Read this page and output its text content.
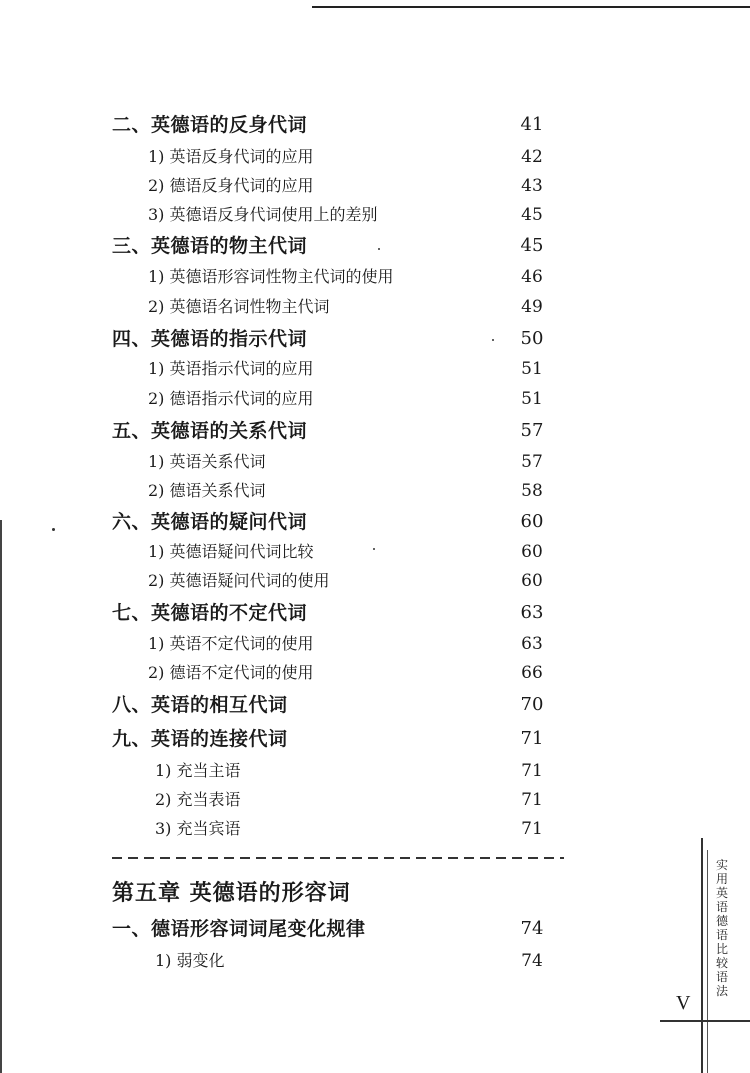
二、英德语的反身代词	41
1) 英语反身代词的应用	42
2) 德语反身代词的应用	43
3) 英德语反身代词使用上的差别	45
三、英德语的物主代词	45
1) 英德语形容词性物主代词的使用	46
2) 英德语名词性物主代词	49
四、英德语的指示代词	50
1) 英语指示代词的应用	51
2) 德语指示代词的应用	51
五、英德语的关系代词	57
1) 英语关系代词	57
2) 德语关系代词	58
六、英德语的疑问代词	60
1) 英德语疑问代词比较	60
2) 英德语疑问代词的使用	60
七、英德语的不定代词	63
1) 英语不定代词的使用	63
2) 德语不定代词的使用	66
八、英语的相互代词	70
九、英语的连接代词	71
1) 充当主语	71
2) 充当表语	71
3) 充当宾语	71
第五章 英德语的形容词
一、德语形容词词尾变化规律	74
1) 弱变化	74
实用英语德语比较语法
V
